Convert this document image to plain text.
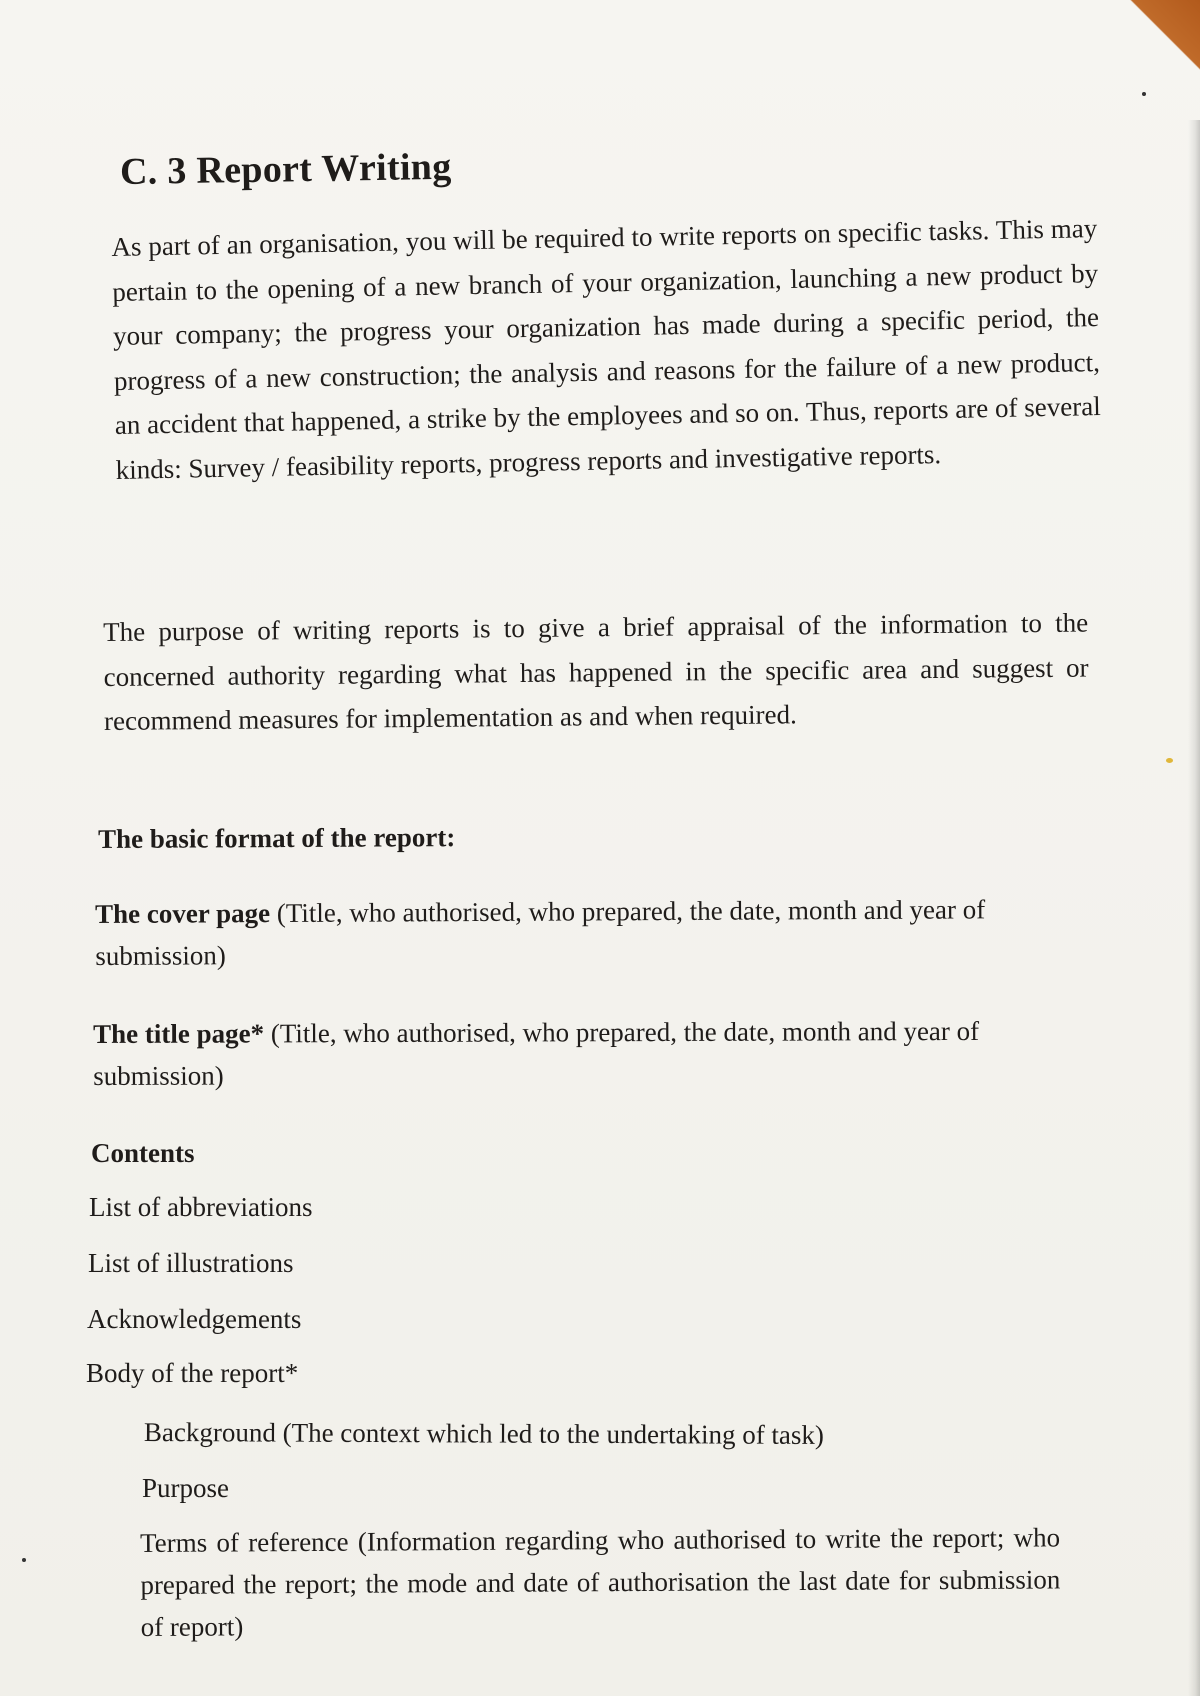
C. 3 Report Writing

As part of an organisation, you will be required to write reports on specific tasks. This may pertain to the opening of a new branch of your organization, launching a new product by your company; the progress your organization has made during a specific period, the progress of a new construction; the analysis and reasons for the failure of a new product, an accident that happened, a strike by the employees and so on. Thus, reports are of several kinds: Survey / feasibility reports, progress reports and investigative reports.

The purpose of writing reports is to give a brief appraisal of the information to the concerned authority regarding what has happened in the specific area and suggest or recommend measures for implementation as and when required.

The basic format of the report:

The cover page (Title, who authorised, who prepared, the date, month and year of submission)

The title page* (Title, who authorised, who prepared, the date, month and year of submission)

Contents

List of abbreviations

List of illustrations

Acknowledgements

Body of the report*

Background (The context which led to the undertaking of task)

Purpose

Terms of reference (Information regarding who authorised to write the report; who prepared the report; the mode and date of authorisation the last date for submission of report)
